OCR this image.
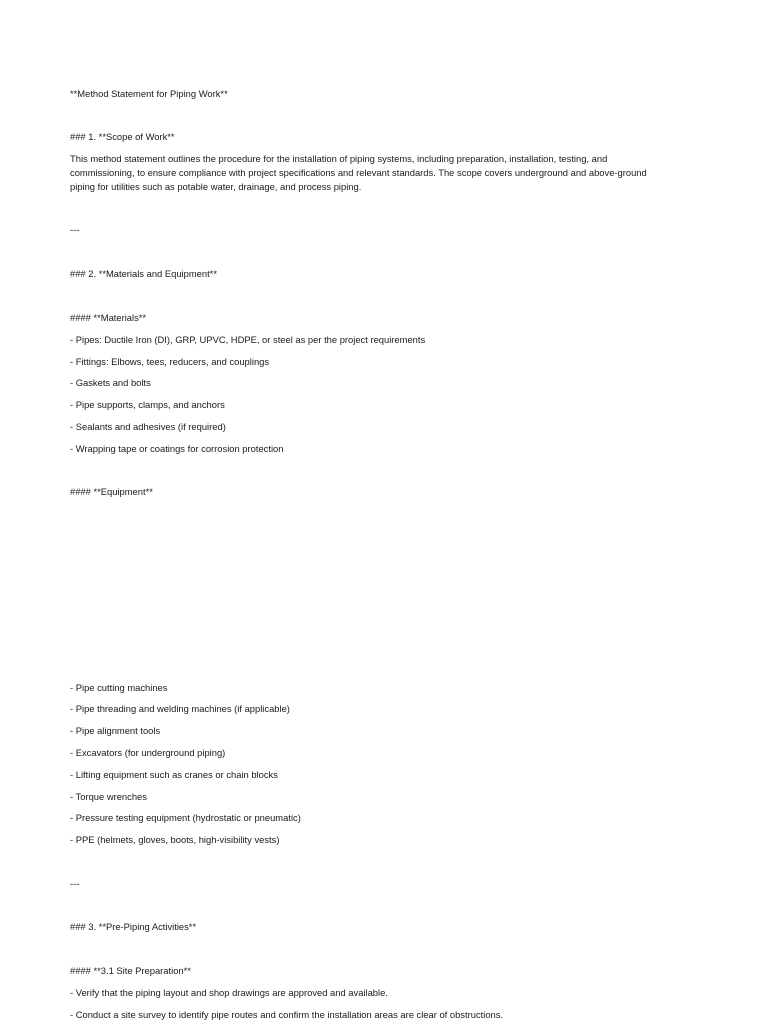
**Method Statement for Piping Work**
### 1. **Scope of Work**
This method statement outlines the procedure for the installation of piping systems, including preparation, installation, testing, and
commissioning, to ensure compliance with project specifications and relevant standards. The scope covers underground and above-ground
piping for utilities such as potable water, drainage, and process piping.
---
### 2. **Materials and Equipment**
#### **Materials**
- Pipes: Ductile Iron (DI), GRP, UPVC, HDPE, or steel as per the project requirements
- Fittings: Elbows, tees, reducers, and couplings
- Gaskets and bolts
- Pipe supports, clamps, and anchors
- Sealants and adhesives (if required)
- Wrapping tape or coatings for corrosion protection
#### **Equipment**
- Pipe cutting machines
- Pipe threading and welding machines (if applicable)
- Pipe alignment tools
- Excavators (for underground piping)
- Lifting equipment such as cranes or chain blocks
- Torque wrenches
- Pressure testing equipment (hydrostatic or pneumatic)
- PPE (helmets, gloves, boots, high-visibility vests)
---
### 3. **Pre-Piping Activities**
#### **3.1 Site Preparation**
- Verify that the piping layout and shop drawings are approved and available.
- Conduct a site survey to identify pipe routes and confirm the installation areas are clear of obstructions.
